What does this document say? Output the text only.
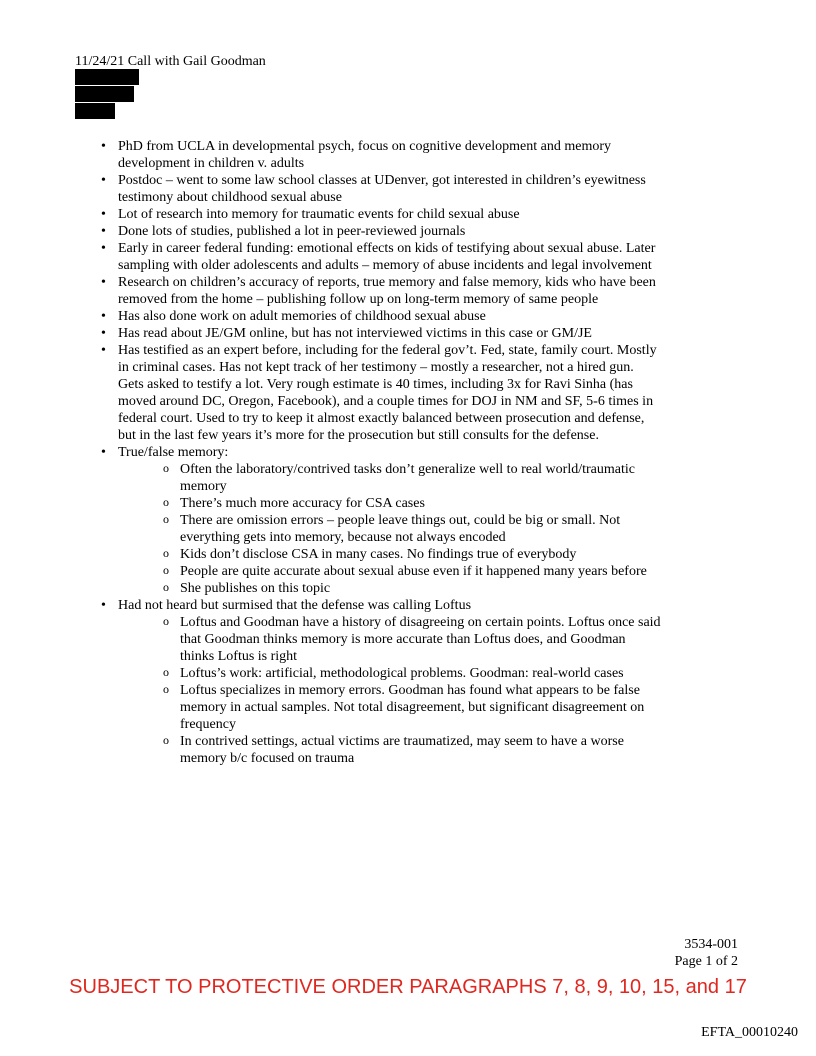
11/24/21 Call with Gail Goodman
• PhD from UCLA in developmental psych, focus on cognitive development and memory development in children v. adults
• Postdoc – went to some law school classes at UDenver, got interested in children’s eyewitness testimony about childhood sexual abuse
• Lot of research into memory for traumatic events for child sexual abuse
• Done lots of studies, published a lot in peer-reviewed journals
• Early in career federal funding: emotional effects on kids of testifying about sexual abuse. Later sampling with older adolescents and adults – memory of abuse incidents and legal involvement
• Research on children’s accuracy of reports, true memory and false memory, kids who have been removed from the home – publishing follow up on long-term memory of same people
• Has also done work on adult memories of childhood sexual abuse
• Has read about JE/GM online, but has not interviewed victims in this case or GM/JE
• Has testified as an expert before, including for the federal gov’t. Fed, state, family court. Mostly in criminal cases. Has not kept track of her testimony – mostly a researcher, not a hired gun. Gets asked to testify a lot. Very rough estimate is 40 times, including 3x for Ravi Sinha (has moved around DC, Oregon, Facebook), and a couple times for DOJ in NM and SF, 5-6 times in federal court. Used to try to keep it almost exactly balanced between prosecution and defense, but in the last few years it’s more for the prosecution but still consults for the defense.
• True/false memory:
o Often the laboratory/contrived tasks don’t generalize well to real world/traumatic memory
o There’s much more accuracy for CSA cases
o There are omission errors – people leave things out, could be big or small. Not everything gets into memory, because not always encoded
o Kids don’t disclose CSA in many cases. No findings true of everybody
o People are quite accurate about sexual abuse even if it happened many years before
o She publishes on this topic
• Had not heard but surmised that the defense was calling Loftus
o Loftus and Goodman have a history of disagreeing on certain points. Loftus once said that Goodman thinks memory is more accurate than Loftus does, and Goodman thinks Loftus is right
o Loftus’s work: artificial, methodological problems. Goodman: real-world cases
o Loftus specializes in memory errors. Goodman has found what appears to be false memory in actual samples. Not total disagreement, but significant disagreement on frequency
o In contrived settings, actual victims are traumatized, may seem to have a worse memory b/c focused on trauma

3534-001

Page 1 of 2

SUBJECT TO PROTECTIVE ORDER PARAGRAPHS 7, 8, 9, 10, 15, and 17

EFTA_00010240
